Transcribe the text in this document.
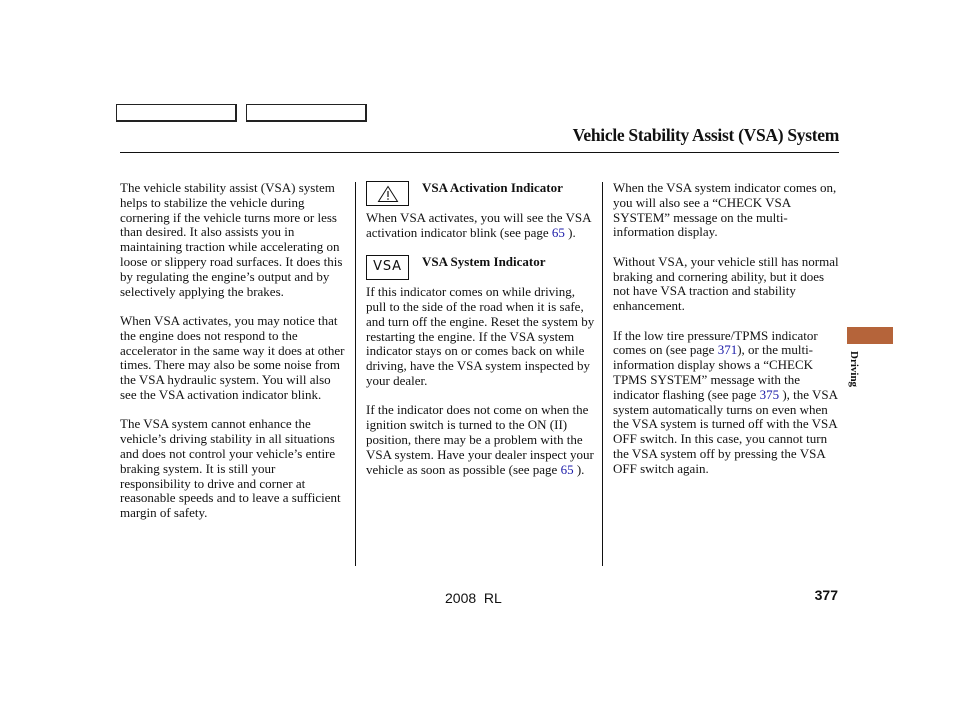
Vehicle Stability Assist (VSA) System

The vehicle stability assist (VSA) system helps to stabilize the vehicle during cornering if the vehicle turns more or less than desired. It also assists you in maintaining traction while accelerating on loose or slippery road surfaces. It does this by regulating the engine’s output and by selectively applying the brakes.

When VSA activates, you may notice that the engine does not respond to the accelerator in the same way it does at other times. There may also be some noise from the VSA hydraulic system. You will also see the VSA activation indicator blink.

The VSA system cannot enhance the vehicle’s driving stability in all situations and does not control your vehicle’s entire braking system. It is still your responsibility to drive and corner at reasonable speeds and to leave a sufficient margin of safety.

VSA Activation Indicator

When VSA activates, you will see the VSA activation indicator blink (see page 65 ).

VSA	VSA System Indicator

If this indicator comes on while driving, pull to the side of the road when it is safe, and turn off the engine. Reset the system by restarting the engine. If the VSA system indicator stays on or comes back on while driving, have the VSA system inspected by your dealer.

If the indicator does not come on when the ignition switch is turned to the ON (II) position, there may be a problem with the VSA system. Have your dealer inspect your vehicle as soon as possible (see page 65 ).

When the VSA system indicator comes on, you will also see a “CHECK VSA SYSTEM” message on the multi-information display.

Without VSA, your vehicle still has normal braking and cornering ability, but it does not have VSA traction and stability enhancement.

If the low tire pressure/TPMS indicator comes on (see page 371), or the multi-information display shows a “CHECK TPMS SYSTEM” message with the indicator flashing (see page 375 ), the VSA system automatically turns on even when the VSA system is turned off with the VSA OFF switch. In this case, you cannot turn the VSA system off by pressing the VSA OFF switch again.

Driving
2008  RL	377
